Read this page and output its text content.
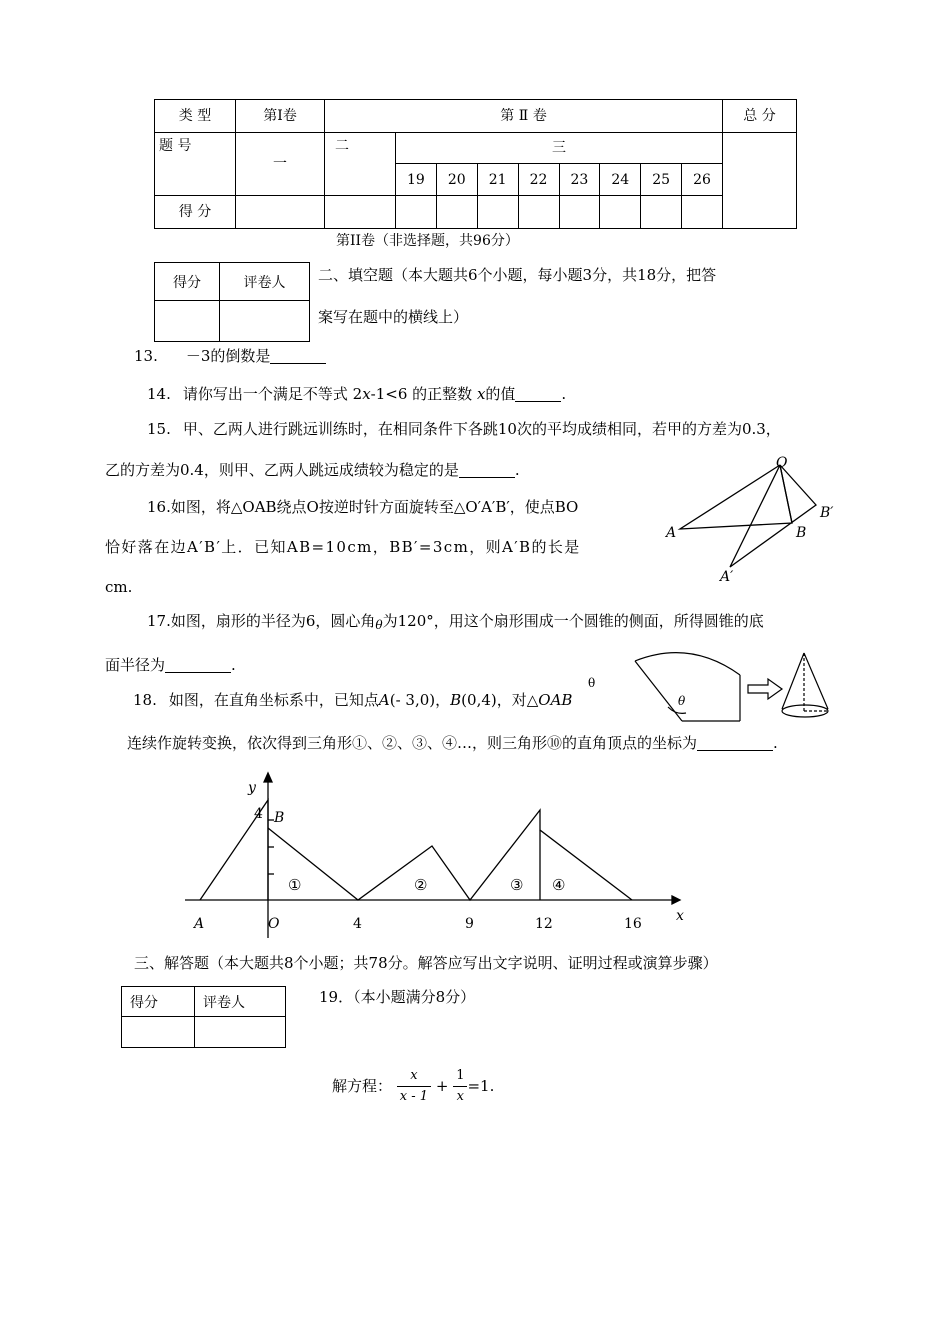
类 型	第Ⅰ卷	第 Ⅱ 卷									总 分
题 号	一	二	三								
			19	20	21	22	23	24	25	26	
得 分											
第II卷（非选择题，共96分）
得分	评卷人
	二、填空题（本大题共6个小题，每小题3分，共18分，把答
案写在题中的横线上）
13. －3的倒数是
14. 请你写出一个满足不等式 2x-1<6 的正整数 x的值	.
15. 甲、乙两人进行跳远训练时，在相同条件下各跳10次的平均成绩相同，若甲的方差为0.3，
乙的方差为0.4，则甲、乙两人跳远成绩较为稳定的是	.
16.如图，将△OAB绕点O按逆时针方面旋转至△O′A′B′，使点BO
恰好落在边A′B′上．已知AB=10cm，BB′=3cm，则A′B的长是
cm.
O
A	B
A′
B′
17.如图，扇形的半径为6，圆心角$_\theta$为120°，用这个扇形围成一个圆锥的侧面，所得圆锥的底
面半径为	.
θ
θ
18. 如图，在直角坐标系中，已知点A(- 3,0)，B(0,4)，对△OAB
连续作旋转变换，依次得到三角形①、②、③、④…，则三角形⑩的直角顶点的坐标为	.
y
x
4 B
A	O	4	9	12	16
①	②	③ ④
三、解答题（本大题共8个小题；共78分。解答应写出文字说明、证明过程或演算步骤）
得分	评卷人
		19．（本小题满分8分）
解方程： $\frac{x}{x - 1} + \frac{1}{x} =1$.
